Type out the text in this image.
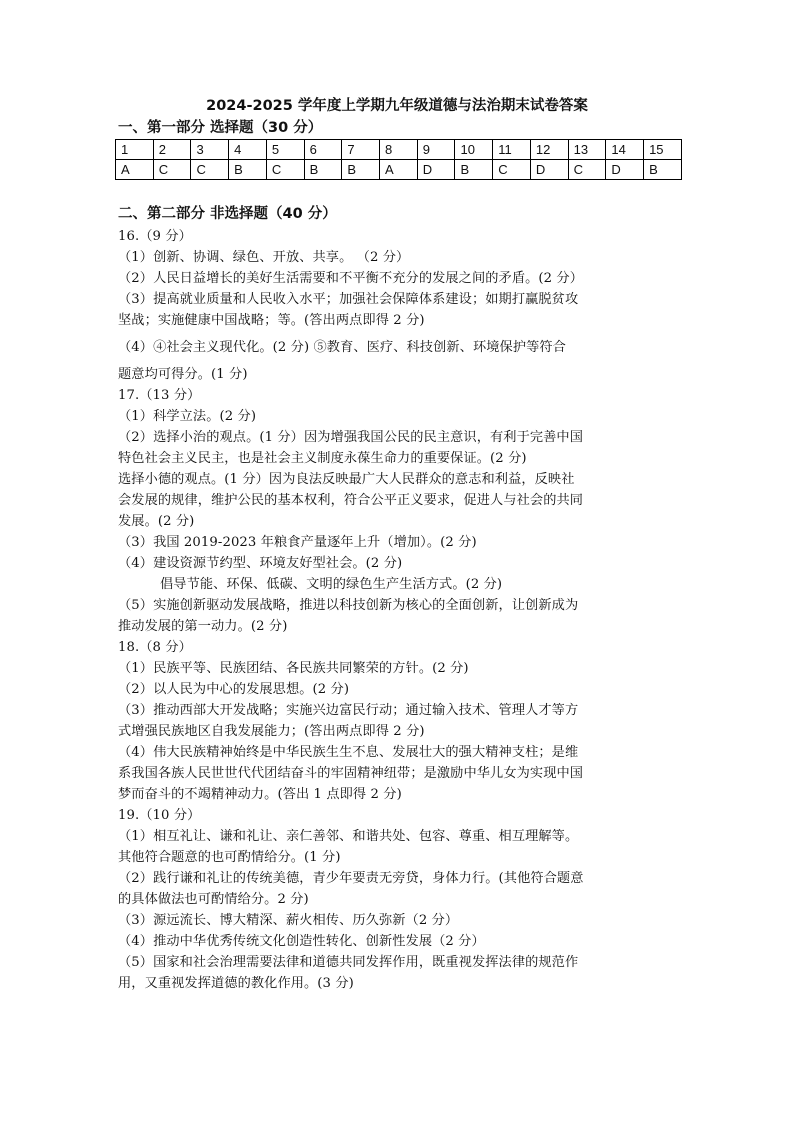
2024-2025 学年度上学期九年级道德与法治期末试卷答案
一、第一部分 选择题（30 分）
1	2	3	4	5	6	7	8	9	10	11	12	13	14	15
A	C	C	B	C	B	B	A	D	B	C	D	C	D	B
二、第二部分 非选择题（40 分）

16.（9 分）

（1）创新、协调、绿色、开放、共享。 （2 分）

（2）人民日益增长的美好生活需要和不平衡不充分的发展之间的矛盾。(2 分）

（3）提高就业质量和人民收入水平；加强社会保障体系建设；如期打赢脱贫攻

坚战；实施健康中国战略；等。(答出两点即得 2 分)

（4）④社会主义现代化。(2 分) ⑤教育、医疗、科技创新、环境保护等符合

题意均可得分。(1 分)

17.（13 分）

（1）科学立法。(2 分)

（2）选择小治的观点。(1 分）因为增强我国公民的民主意识，有利于完善中国

特色社会主义民主，也是社会主义制度永葆生命力的重要保证。(2 分)

选择小德的观点。(1 分）因为良法反映最广大人民群众的意志和利益，反映社

会发展的规律，维护公民的基本权利，符合公平正义要求，促进人与社会的共同

发展。(2 分)

（3）我国 2019-2023 年粮食产量逐年上升（增加）。(2 分)

（4）建设资源节约型、环境友好型社会。(2 分)

倡导节能、环保、低碳、文明的绿色生产生活方式。(2 分)

（5）实施创新驱动发展战略，推进以科技创新为核心的全面创新，让创新成为

推动发展的第一动力。(2 分)

18.（8 分）

（1）民族平等、民族团结、各民族共同繁荣的方针。(2 分)

（2）以人民为中心的发展思想。(2 分)

（3）推动西部大开发战略；实施兴边富民行动；通过输入技术、管理人才等方

式增强民族地区自我发展能力；(答出两点即得 2 分)

（4）伟大民族精神始终是中华民族生生不息、发展壮大的强大精神支柱；是维

系我国各族人民世世代代团结奋斗的牢固精神纽带；是激励中华儿女为实现中国

梦而奋斗的不竭精神动力。(答出 1 点即得 2 分)

19.（10 分）

（1）相互礼让、谦和礼让、亲仁善邻、和谐共处、包容、尊重、相互理解等。

其他符合题意的也可酌情给分。(1 分)

（2）践行谦和礼让的传统美德，青少年要责无旁贷，身体力行。(其他符合题意

的具体做法也可酌情给分。2 分)

（3）源远流长、博大精深、薪火相传、历久弥新（2 分）

（4）推动中华优秀传统文化创造性转化、创新性发展（2 分）

（5）国家和社会治理需要法律和道德共同发挥作用，既重视发挥法律的规范作

用，又重视发挥道德的教化作用。(3 分)
